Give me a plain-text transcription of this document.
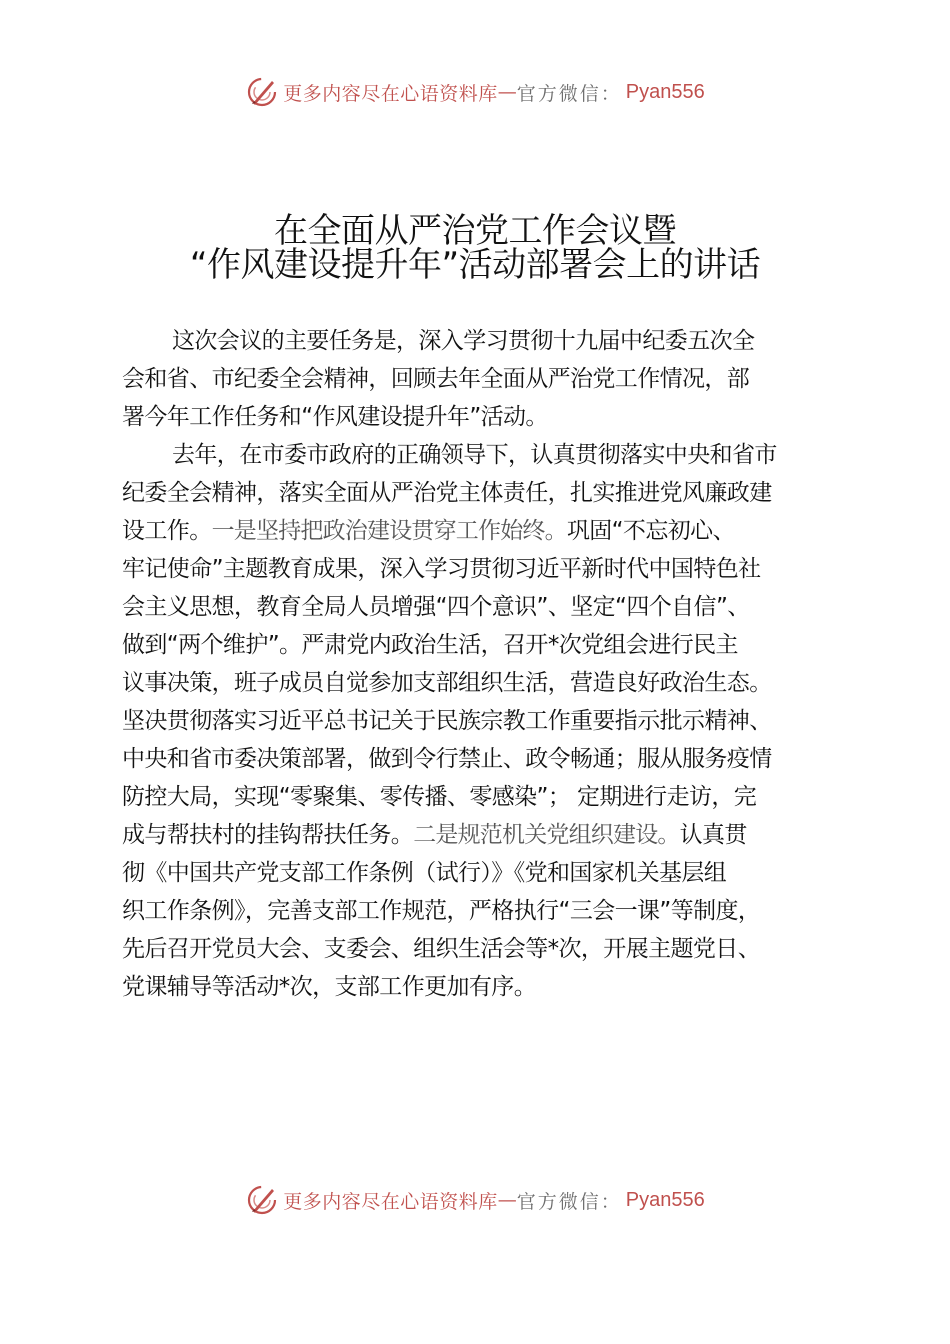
更多内容尽在心语资料库 — 官方微信： Pyan556
在全面从严治党工作会议暨
“作风建设提升年”活动部署会上的讲话
这次会议的主要任务是，深入学习贯彻十九届中纪委五次全
会和省、市纪委全会精神，回顾去年全面从严治党工作情况，部
署今年工作任务和“作风建设提升年”活动。
去年，在市委市政府的正确领导下，认真贯彻落实中央和省市
纪委全会精神，落实全面从严治党主体责任，扎实推进党风廉政建
设工作。一是坚持把政治建设贯穿工作始终。巩固“不忘初心、
牢记使命”主题教育成果，深入学习贯彻习近平新时代中国特色社
会主义思想，教育全局人员增强“四个意识”、坚定“四个自信”、
做到“两个维护”。严肃党内政治生活，召开*次党组会进行民主
议事决策，班子成员自觉参加支部组织生活，营造良好政治生态。
坚决贯彻落实习近平总书记关于民族宗教工作重要指示批示精神、
中央和省市委决策部署，做到令行禁止、政令畅通；服从服务疫情
防控大局，实现“零聚集、零传播、零感染”； 定期进行走访，完
成与帮扶村的挂钩帮扶任务。二是规范机关党组织建设。认真贯
彻《中国共产党支部工作条例（试行）》《党和国家机关基层组
织工作条例》，完善支部工作规范，严格执行“三会一课”等制度，
先后召开党员大会、支委会、组织生活会等*次，开展主题党日、
党课辅导等活动*次，支部工作更加有序。
更多内容尽在心语资料库 — 官方微信： Pyan556
